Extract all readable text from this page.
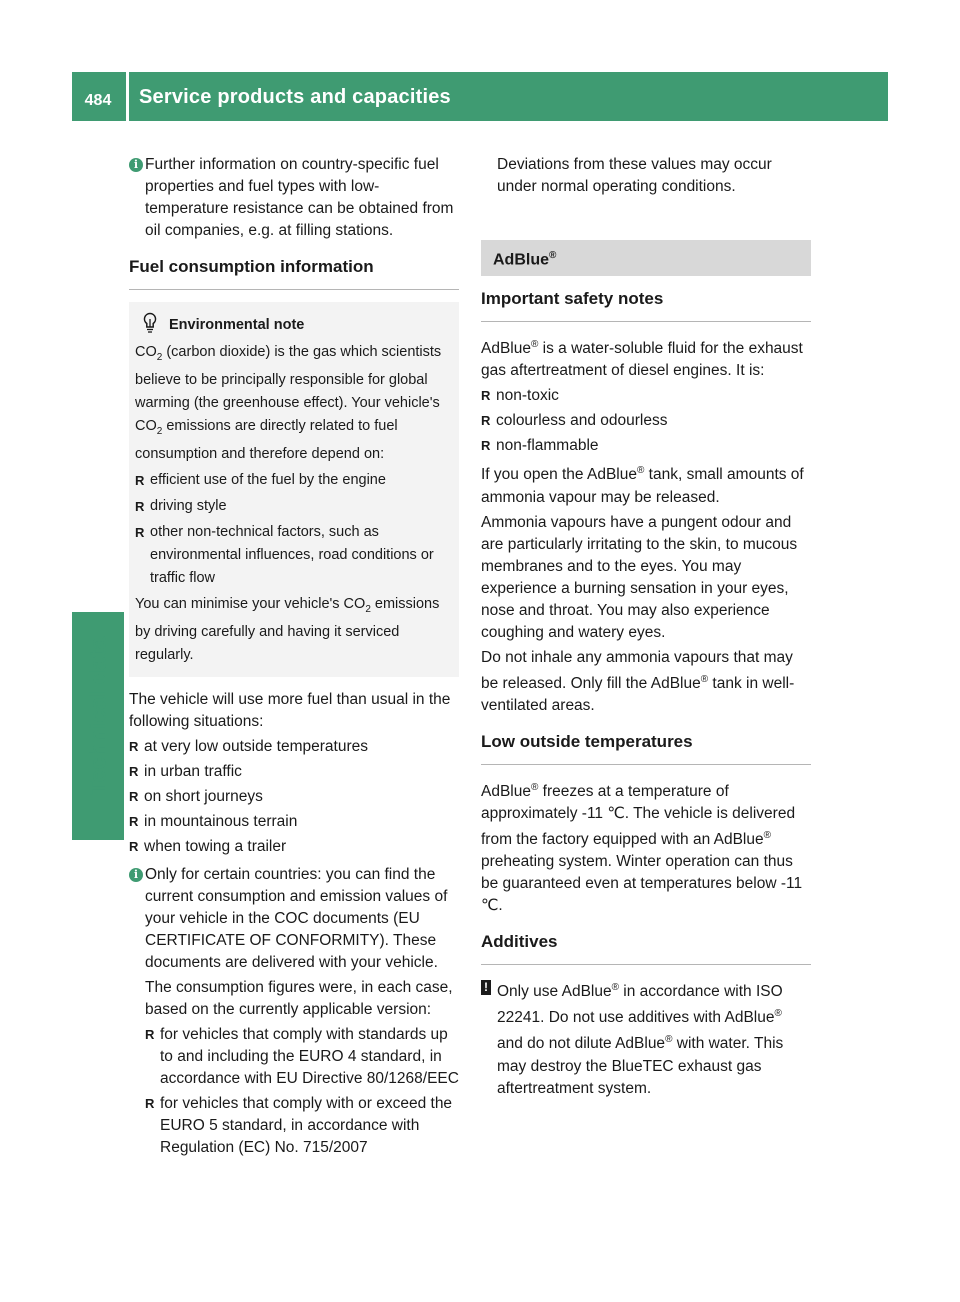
484	Service products and capacities
Technical data

i Further information on country-specific fuel properties and fuel types with low-temperature resistance can be obtained from oil companies, e.g. at filling stations.

Fuel consumption information
Environmental note

$CO_2$ (carbon dioxide) is the gas which scientists believe to be principally responsible for global warming (the greenhouse effect). Your vehicle's $CO_2$ emissions are directly related to fuel consumption and therefore depend on:

R efficient use of the fuel by the engine
R driving style
R other non-technical factors, such as environmental influences, road conditions or traffic flow

You can minimise your vehicle's $CO_2$ emissions by driving carefully and having it serviced regularly.

The vehicle will use more fuel than usual in the following situations:

R at very low outside temperatures
R in urban traffic
R on short journeys
R in mountainous terrain
R when towing a trailer
i Only for certain countries: you can find the current consumption and emission values of your vehicle in the COC documents (EU CERTIFICATE OF CONFORMITY). These documents are delivered with your vehicle.

The consumption figures were, in each case, based on the currently applicable version:

R for vehicles that comply with standards up to and including the EURO 4 standard, in accordance with EU Directive 80/1268/EEC
R for vehicles that comply with or exceed the EURO 5 standard, in accordance with Regulation (EC) No. 715/2007

Deviations from these values may occur under normal operating conditions.

AdBlue®
Important safety notes

AdBlue® is a water-soluble fluid for the exhaust gas aftertreatment of diesel engines. It is:

R non-toxic
R colourless and odourless
R non-flammable

If you open the AdBlue® tank, small amounts of ammonia vapour may be released.

Ammonia vapours have a pungent odour and are particularly irritating to the skin, to mucous membranes and to the eyes. You may experience a burning sensation in your eyes, nose and throat. You may also experience coughing and watery eyes.

Do not inhale any ammonia vapours that may be released. Only fill the AdBlue® tank in well-ventilated areas.

Low outside temperatures

AdBlue® freezes at a temperature of approximately -11 ℃. The vehicle is delivered from the factory equipped with an AdBlue® preheating system. Winter operation can thus be guaranteed even at temperatures below -11 ℃.

Additives

! Only use AdBlue® in accordance with ISO 22241. Do not use additives with AdBlue® and do not dilute AdBlue® with water. This may destroy the BlueTEC exhaust gas aftertreatment system.
